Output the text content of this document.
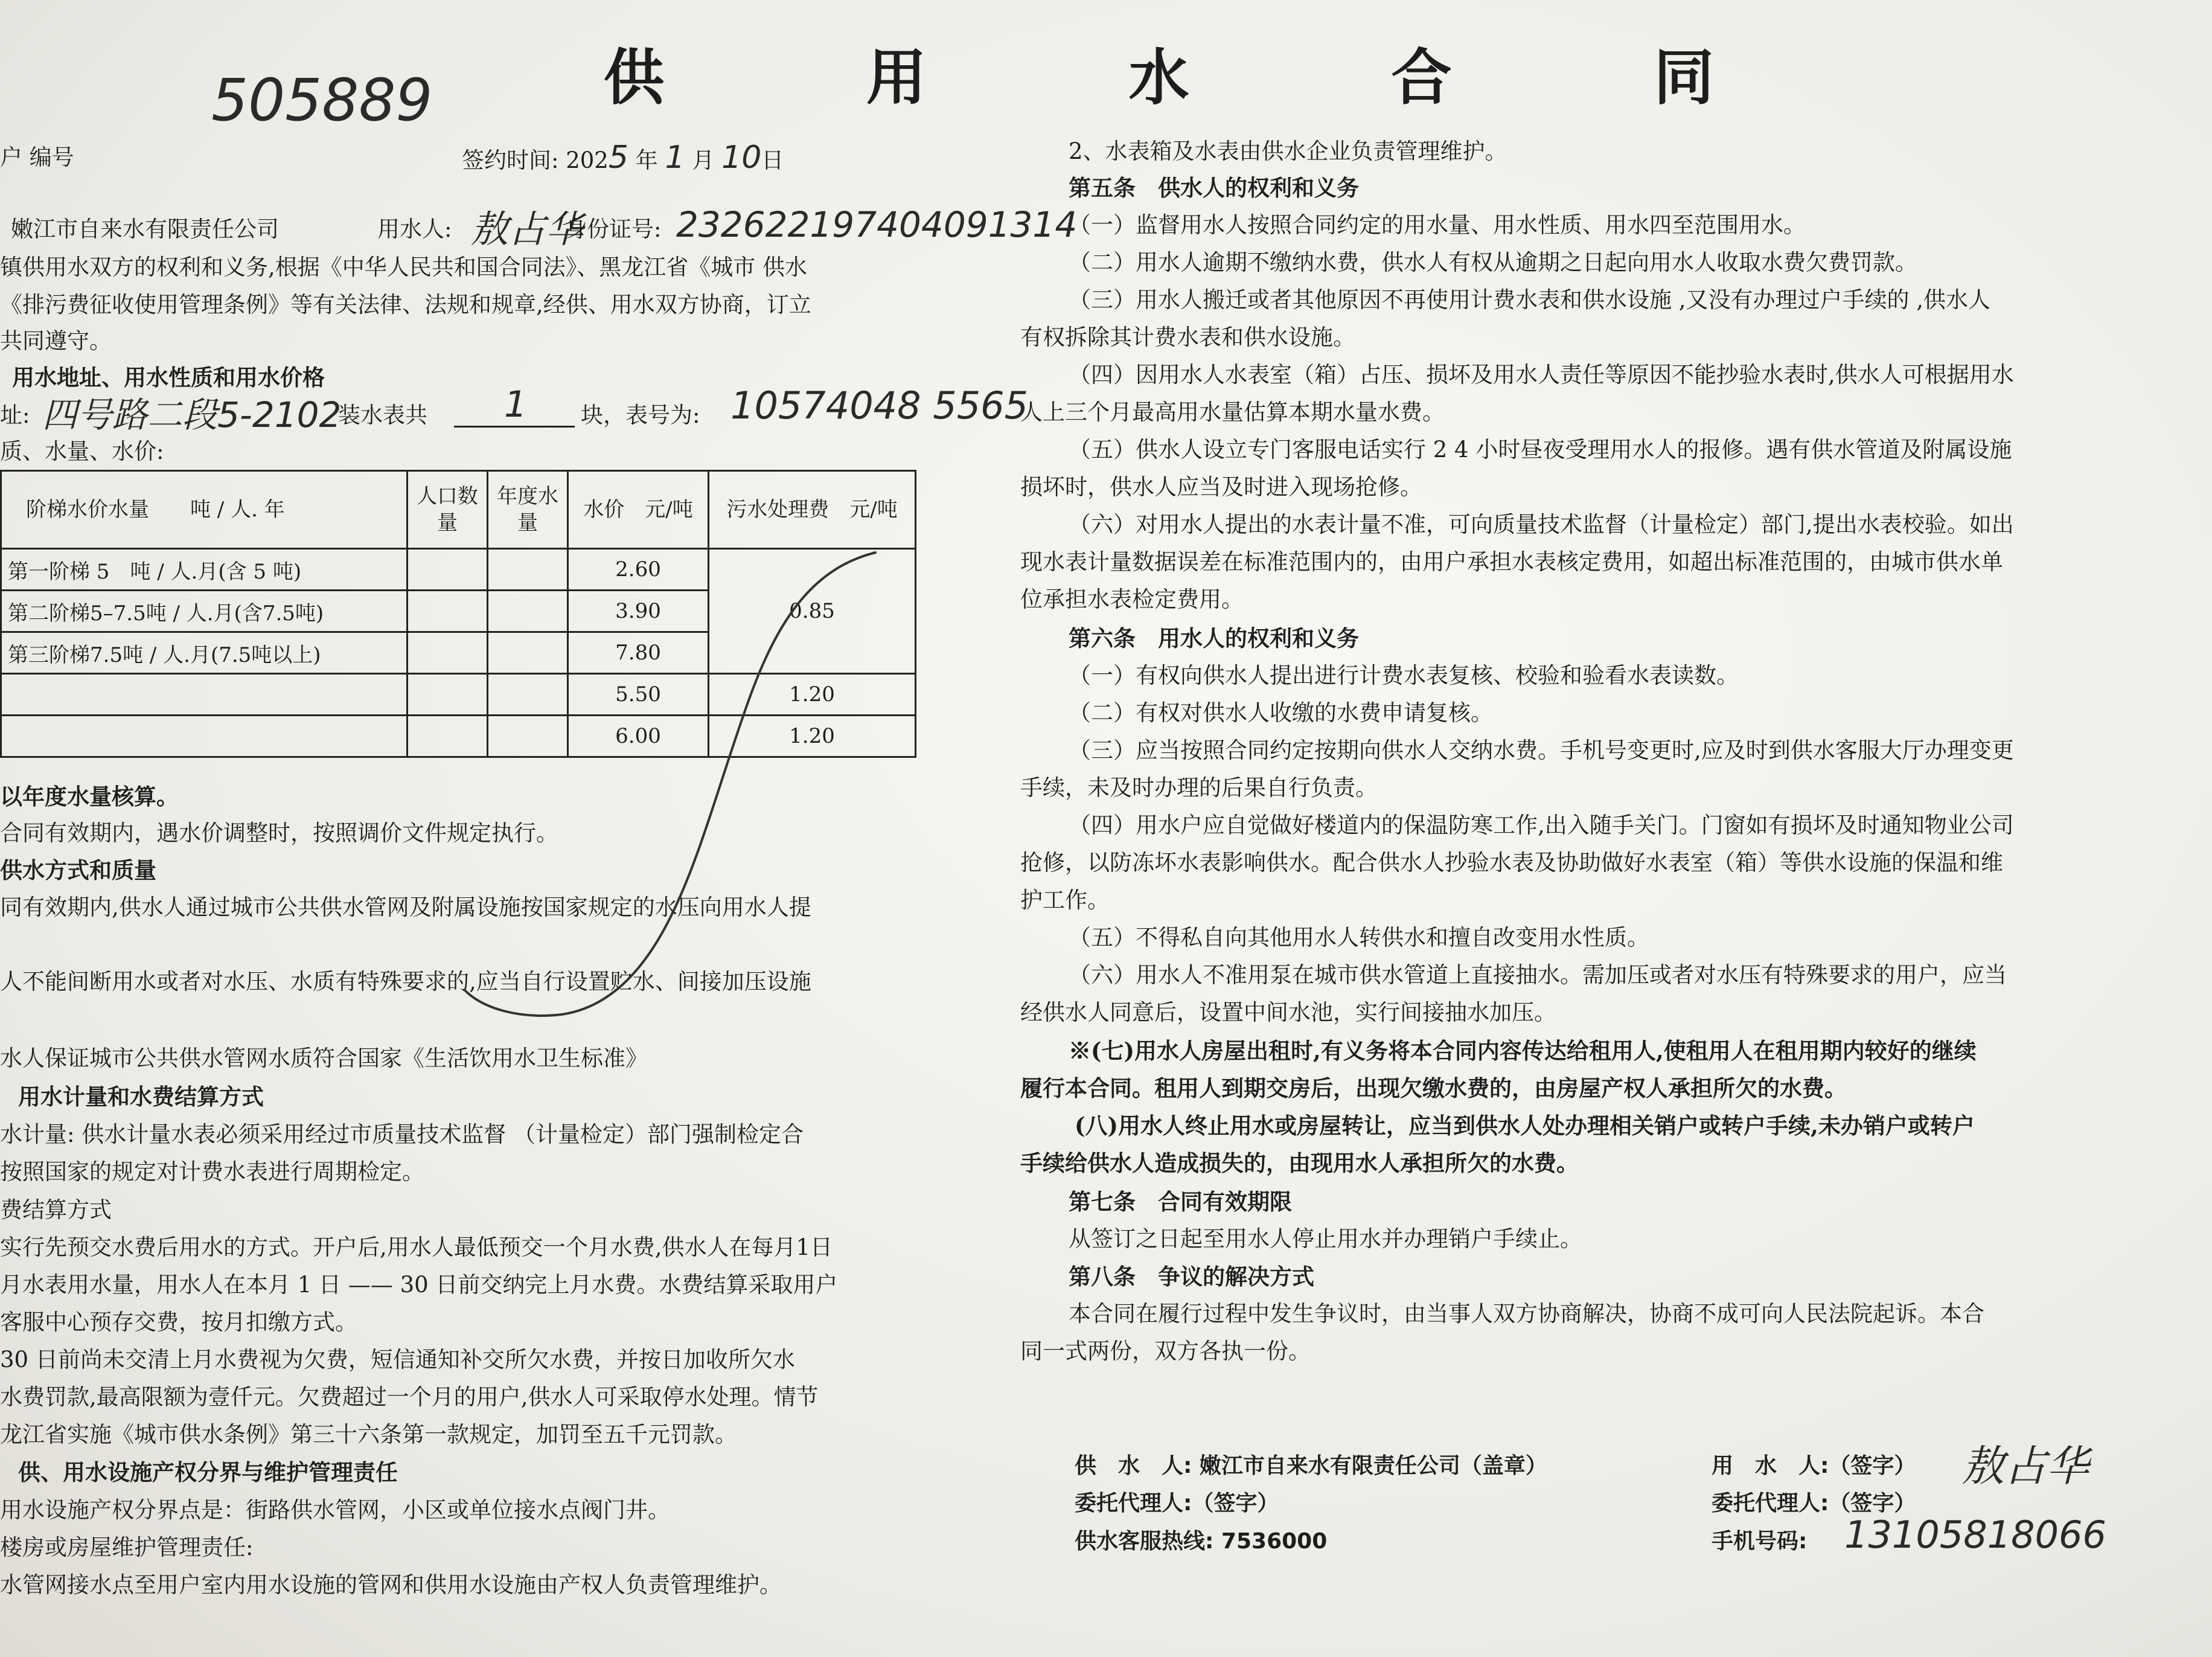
供 用 水 合 同
505889
户 编号	签约时间: 2025 年 1 月 10日
嫩江市自来水有限责任公司	用水人: 敖占华
身份证号: 232622197404091314
镇供用水双方的权利和义务,根据《中华人民共和国合同法》、黑龙江省《城市 供水
《排污费征收使用管理条例》等有关法律、法规和规章,经供、用水双方协商，订立
共同遵守。
用水地址、用水性质和用水价格
址: 四号路二段5-2102
装水表共 1 块，表号为: 10574048 5565
质、水量、水价:
阶梯水价水量　　吨 / 人. 年	人口数量	年度水量	水价　元/吨	污水处理费　元/吨
第一阶梯 5　吨 / 人.月(含 5 吨)			2.60	0.85
第二阶梯5–7.5吨 / 人.月(含7.5吨)			3.90	
第三阶梯7.5吨 / 人.月(7.5吨以上)			7.80	
			5.50	1.20
			6.00	1.20
以年度水量核算。
合同有效期内，遇水价调整时，按照调价文件规定执行。
供水方式和质量
同有效期内,供水人通过城市公共供水管网及附属设施按国家规定的水压向用水人提
人不能间断用水或者对水压、水质有特殊要求的,应当自行设置贮水、间接加压设施
水人保证城市公共供水管网水质符合国家《生活饮用水卫生标准》
用水计量和水费结算方式
水计量: 供水计量水表必须采用经过市质量技术监督 （计量检定）部门强制检定合
按照国家的规定对计费水表进行周期检定。
费结算方式
实行先预交水费后用水的方式。开户后,用水人最低预交一个月水费,供水人在每月1日
月水表用水量，用水人在本月 1 日 —— 30 日前交纳完上月水费。水费结算采取用户
客服中心预存交费，按月扣缴方式。
30 日前尚未交清上月水费视为欠费，短信通知补交所欠水费，并按日加收所欠水
水费罚款,最高限额为壹仟元。欠费超过一个月的用户,供水人可采取停水处理。情节
龙江省实施《城市供水条例》第三十六条第一款规定，加罚至五千元罚款。
供、用水设施产权分界与维护管理责任
用水设施产权分界点是：街路供水管网，小区或单位接水点阀门井。
楼房或房屋维护管理责任:
水管网接水点至用户室内用水设施的管网和供用水设施由产权人负责管理维护。
2、水表箱及水表由供水企业负责管理维护。
第五条　供水人的权利和义务
（一）监督用水人按照合同约定的用水量、用水性质、用水四至范围用水。
（二）用水人逾期不缴纳水费，供水人有权从逾期之日起向用水人收取水费欠费罚款。
（三）用水人搬迁或者其他原因不再使用计费水表和供水设施 ,又没有办理过户手续的 ,供水人
有权拆除其计费水表和供水设施。
（四）因用水人水表室（箱）占压、损坏及用水人责任等原因不能抄验水表时,供水人可根据用水
人上三个月最高用水量估算本期水量水费。
（五）供水人设立专门客服电话实行 2 4 小时昼夜受理用水人的报修。遇有供水管道及附属设施
损坏时，供水人应当及时进入现场抢修。
（六）对用水人提出的水表计量不准，可向质量技术监督（计量检定）部门,提出水表校验。如出
现水表计量数据误差在标准范围内的，由用户承担水表核定费用，如超出标准范围的，由城市供水单
位承担水表检定费用。
第六条　用水人的权利和义务
（一）有权向供水人提出进行计费水表复核、校验和验看水表读数。
（二）有权对供水人收缴的水费申请复核。
（三）应当按照合同约定按期向供水人交纳水费。手机号变更时,应及时到供水客服大厅办理变更
手续，未及时办理的后果自行负责。
（四）用水户应自觉做好楼道内的保温防寒工作,出入随手关门。门窗如有损坏及时通知物业公司
抢修，以防冻坏水表影响供水。配合供水人抄验水表及协助做好水表室（箱）等供水设施的保温和维
护工作。
（五）不得私自向其他用水人转供水和擅自改变用水性质。
（六）用水人不准用泵在城市供水管道上直接抽水。需加压或者对水压有特殊要求的用户，应当
经供水人同意后，设置中间水池，实行间接抽水加压。
※(七)用水人房屋出租时,有义务将本合同内容传达给租用人,使租用人在租用期内较好的继续
履行本合同。租用人到期交房后，出现欠缴水费的，由房屋产权人承担所欠的水费。
(八)用水人终止用水或房屋转让，应当到供水人处办理相关销户或转户手续,未办销户或转户
手续给供水人造成损失的，由现用水人承担所欠的水费。
第七条　合同有效期限
从签订之日起至用水人停止用水并办理销户手续止。
第八条　争议的解决方式
本合同在履行过程中发生争议时，由当事人双方协商解决，协商不成可向人民法院起诉。本合
同一式两份，双方各执一份。
供　水　人: 嫩江市自来水有限责任公司（盖章）
委托代理人:（签字）
供水客服热线: 7536000
用　水　人:（签字） 敖占华
委托代理人:（签字）
手机号码: 13105818066
